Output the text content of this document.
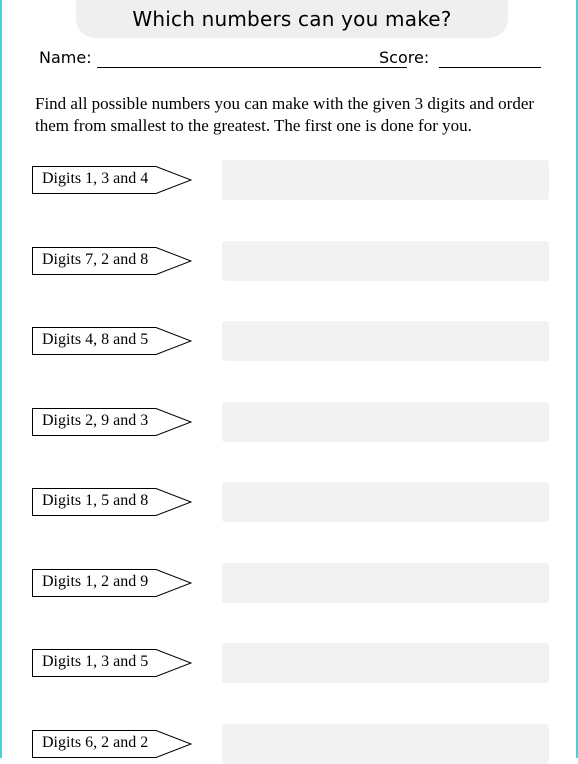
Which numbers can you make?
Name:	Score:
Find all possible numbers you can make with the given 3 digits and order them from smallest to the greatest. The first one is done for you.
Digits 1, 3 and 4
Digits 7, 2 and 8
Digits 4, 8 and 5
Digits 2, 9 and 3
Digits 1, 5 and 8
Digits 1, 2 and 9
Digits 1, 3 and 5
Digits 6, 2 and 2
